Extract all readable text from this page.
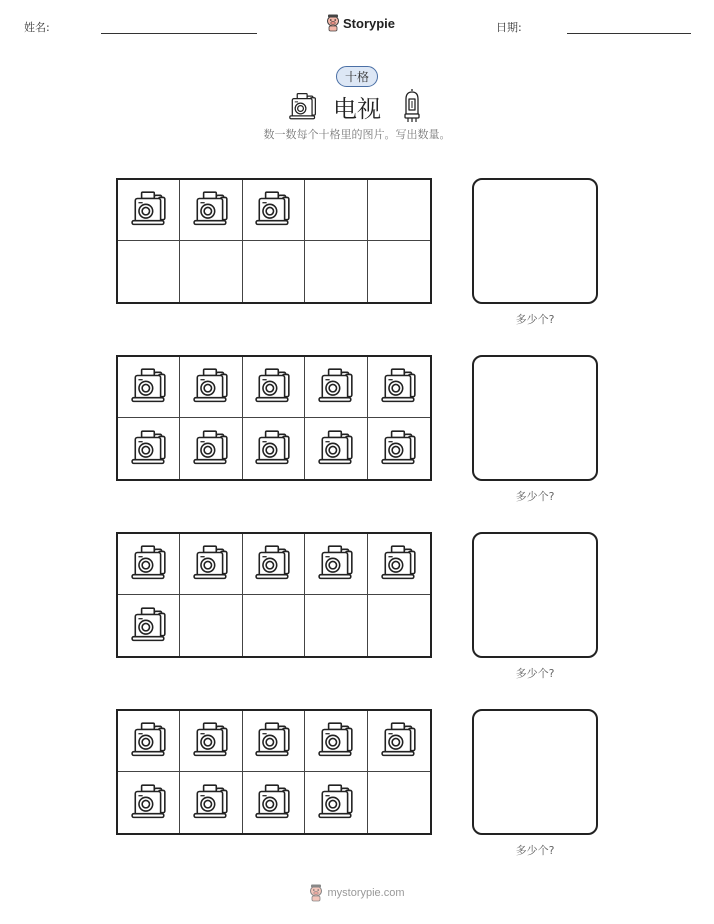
姓名:	Storypie	日期:
十格
电视
数一数每个十格里的图片。写出数量。
多少个?
多少个?
多少个?
多少个?
mystorypie.com
